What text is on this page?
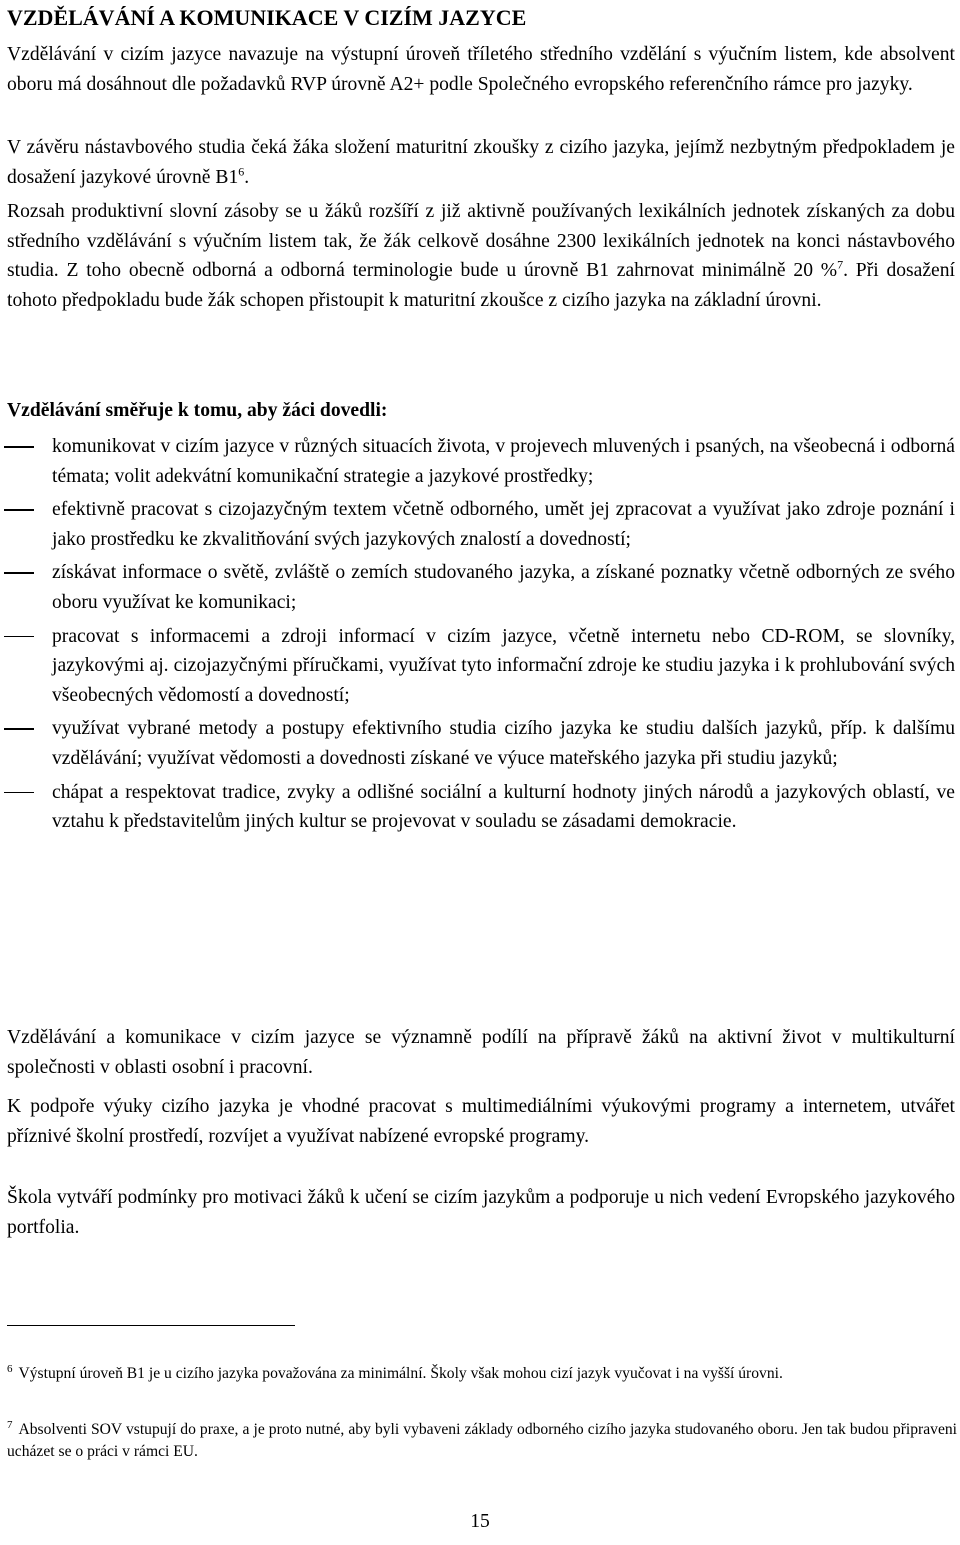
VZDĚLÁVÁNÍ A KOMUNIKACE V CIZÍM JAZYCE

Vzdělávání v cizím jazyce navazuje na výstupní úroveň tříletého středního vzdělání s výučním listem, kde absolvent oboru má dosáhnout dle požadavků RVP úrovně A2+ podle Společného evropského referenčního rámce pro jazyky.

V závěru nástavbového studia čeká žáka složení maturitní zkoušky z cizího jazyka, jejímž nezbytným předpokladem je dosažení jazykové úrovně $B1^6$.

Rozsah produktivní slovní zásoby se u žáků rozšíří z již aktivně používaných lexikálních jednotek získaných za dobu středního vzdělávání s výučním listem tak, že žák celkově dosáhne 2300 lexikálních jednotek na konci nástavbového studia. Z toho obecně odborná a odborná terminologie bude u úrovně B1 zahrnovat minimálně 20 %$^7$. Při dosažení tohoto předpokladu bude žák schopen přistoupit k maturitní zkoušce z cizího jazyka na základní úrovni.

Vzdělávání směřuje k tomu, aby žáci dovedli:

komunikovat v cizím jazyce v různých situacích života, v projevech mluvených i psaných, na všeobecná i odborná témata; volit adekvátní komunikační strategie a jazykové prostředky;
efektivně pracovat s cizojazyčným textem včetně odborného, umět jej zpracovat a využívat jako zdroje poznání i jako prostředku ke zkvalitňování svých jazykových znalostí a dovedností;
získávat informace o světě, zvláště o zemích studovaného jazyka, a získané poznatky včetně odborných ze svého oboru využívat ke komunikaci;
pracovat s informacemi a zdroji informací v cizím jazyce, včetně internetu nebo CD-ROM, se slovníky, jazykovými aj. cizojazyčnými příručkami, využívat tyto informační zdroje ke studiu jazyka i k prohlubování svých všeobecných vědomostí a dovedností;
využívat vybrané metody a postupy efektivního studia cizího jazyka ke studiu dalších jazyků, příp. k dalšímu vzdělávání; využívat vědomosti a dovednosti získané ve výuce mateřského jazyka při studiu jazyků;
chápat a respektovat tradice, zvyky a odlišné sociální a kulturní hodnoty jiných národů a jazykových oblastí, ve vztahu k představitelům jiných kultur se projevovat v souladu se zásadami demokracie.

Vzdělávání a komunikace v cizím jazyce se významně podílí na přípravě žáků na aktivní život v multikulturní společnosti v oblasti osobní i pracovní.

K podpoře výuky cizího jazyka je vhodné pracovat s multimediálními výukovými programy a internetem, utvářet příznivé školní prostředí, rozvíjet a využívat nabízené evropské programy.

Škola vytváří podmínky pro motivaci žáků k učení se cizím jazykům a podporuje u nich vedení Evropského jazykového portfolia.

$^6$ Výstupní úroveň B1 je u cizího jazyka považována za minimální. Školy však mohou cizí jazyk vyučovat i na vyšší úrovni.

$^7$ Absolventi SOV vstupují do praxe, a je proto nutné, aby byli vybaveni základy odborného cizího jazyka studovaného oboru. Jen tak budou připraveni ucházet se o práci v rámci EU.

15
